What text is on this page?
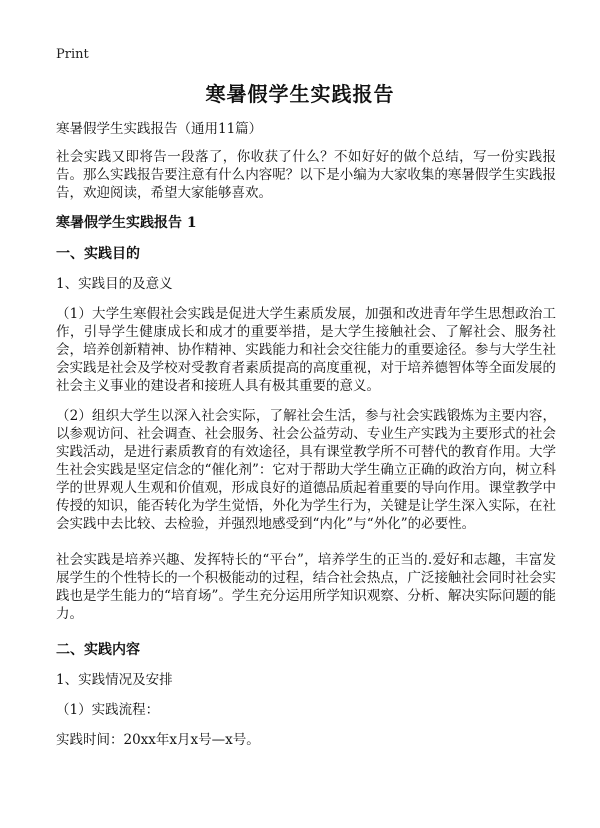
Print
寒暑假学生实践报告

寒暑假学生实践报告（通用11篇）

社会实践又即将告一段落了，你收获了什么？不如好好的做个总结，写一份实践报告。那么实践报告要注意有什么内容呢？以下是小编为大家收集的寒暑假学生实践报告，欢迎阅读，希望大家能够喜欢。

寒暑假学生实践报告 1

一、实践目的

1、实践目的及意义

（1）大学生寒假社会实践是促进大学生素质发展，加强和改进青年学生思想政治工作，引导学生健康成长和成才的重要举措，是大学生接触社会、了解社会、服务社会，培养创新精神、协作精神、实践能力和社会交往能力的重要途径。参与大学生社会实践是社会及学校对受教育者素质提高的高度重视，对于培养德智体等全面发展的社会主义事业的建设者和接班人具有极其重要的意义。

（2）组织大学生以深入社会实际，了解社会生活，参与社会实践锻炼为主要内容，以参观访问、社会调查、社会服务、社会公益劳动、专业生产实践为主要形式的社会实践活动，是进行素质教育的有效途径，具有课堂教学所不可替代的教育作用。大学生社会实践是坚定信念的“催化剂”：它对于帮助大学生确立正确的政治方向，树立科学的世界观人生观和价值观，形成良好的道德品质起着重要的导向作用。课堂教学中传授的知识，能否转化为学生觉悟，外化为学生行为，关键是让学生深入实际，在社会实践中去比较、去检验，并强烈地感受到“内化”与“外化”的必要性。

社会实践是培养兴趣、发挥特长的“平台”，培养学生的正当的.爱好和志趣，丰富发展学生的个性特长的一个积极能动的过程，结合社会热点，广泛接触社会同时社会实践也是学生能力的“培育场”。学生充分运用所学知识观察、分析、解决实际问题的能力。

二、实践内容

1、实践情况及安排

（1）实践流程：

实践时间：20xx年x月x号—x号。
